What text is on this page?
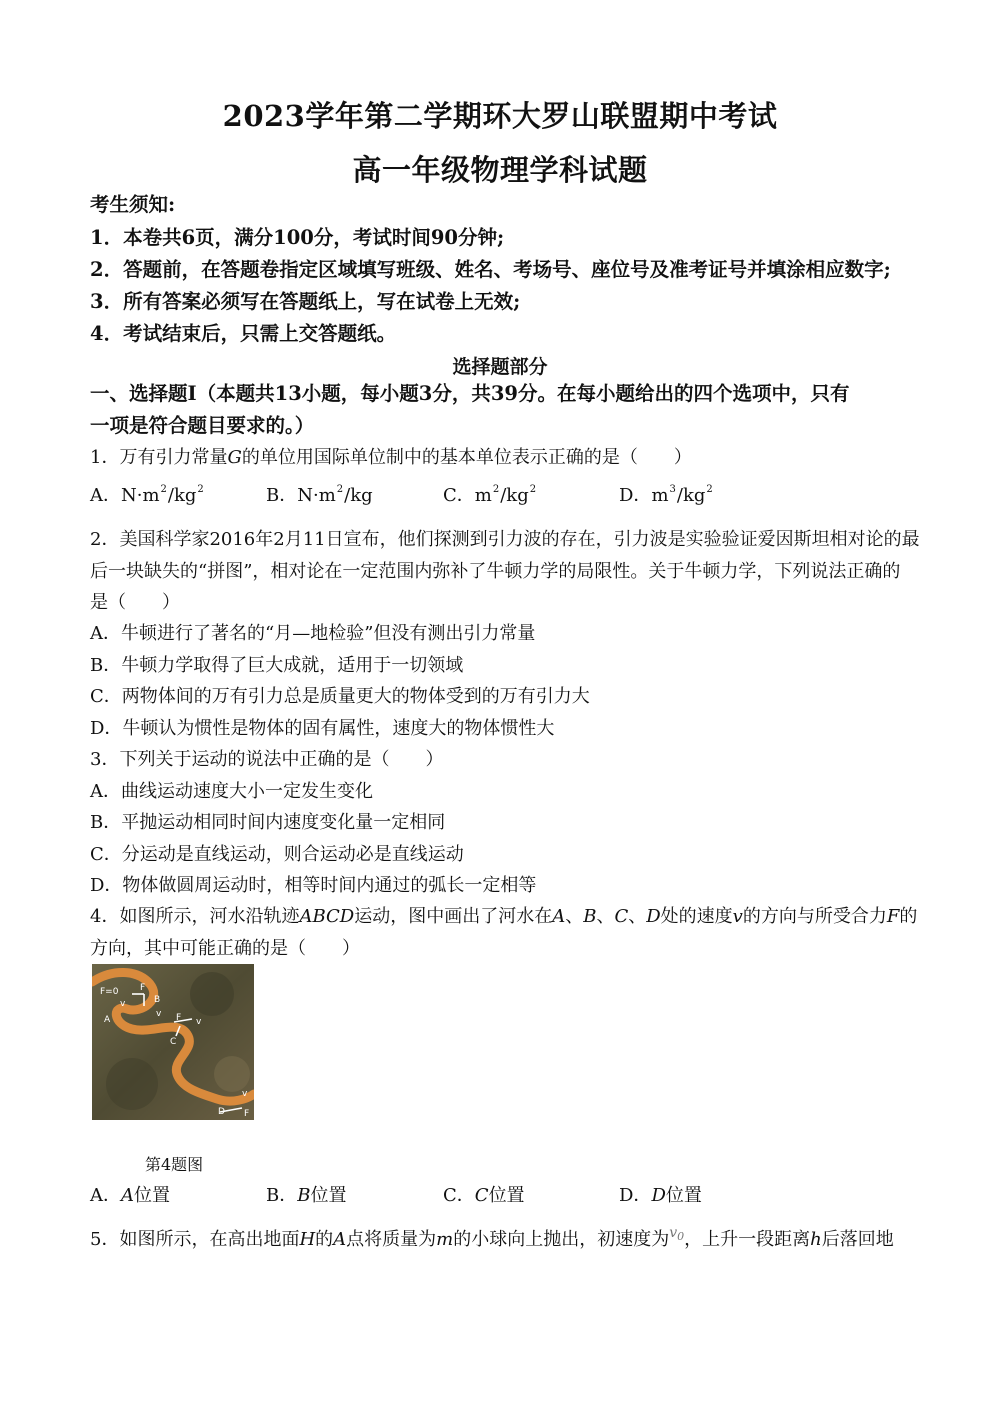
2023学年第二学期环大罗山联盟期中考试
高一年级物理学科试题
考生须知:
1．本卷共6页，满分100分，考试时间90分钟;
2．答题前，在答题卷指定区域填写班级、姓名、考场号、座位号及准考证号并填涂相应数字;
3．所有答案必须写在答题纸上，写在试卷上无效;
4．考试结束后，只需上交答题纸。
选择题部分
一、选择题Ⅰ（本题共13小题，每小题3分，共39分。在每小题给出的四个选项中，只有
一项是符合题目要求的。）
1．万有引力常量G的单位用国际单位制中的基本单位表示正确的是（　　）
A．$N\cdot m^2/kg^2$	B．$N\cdot m^2/kg$	C．$m^2/kg^2$	D．$m^3/kg^2$
2．美国科学家2016年2月11日宣布，他们探测到引力波的存在，引力波是实验验证爱因斯坦相对论的最
后一块缺失的“拼图”，相对论在一定范围内弥补了牛顿力学的局限性。关于牛顿力学，下列说法正确的
是（　　）
A．牛顿进行了著名的“月—地检验”但没有测出引力常量
B．牛顿力学取得了巨大成就，适用于一切领域
C．两物体间的万有引力总是质量更大的物体受到的万有引力大
D．牛顿认为惯性是物体的固有属性，速度大的物体惯性大
3．下列关于运动的说法中正确的是（　　）
A．曲线运动速度大小一定发生变化
B．平抛运动相同时间内速度变化量一定相同
C．分运动是直线运动，则合运动必是直线运动
D．物体做圆周运动时，相等时间内通过的弧长一定相等
4．如图所示，河水沿轨迹ABCD运动，图中画出了河水在A、B、C、D处的速度v的方向与所受合力F的
方向，其中可能正确的是（　　）
F=0 F
B
A
v
v F v
C
D
v
F
第4题图
A．A位置	B．B位置	C．C位置	D．D位置
5．如图所示，在高出地面H的A点将质量为m的小球向上抛出，初速度为$^{v_0}$，上升一段距离h后落回地
